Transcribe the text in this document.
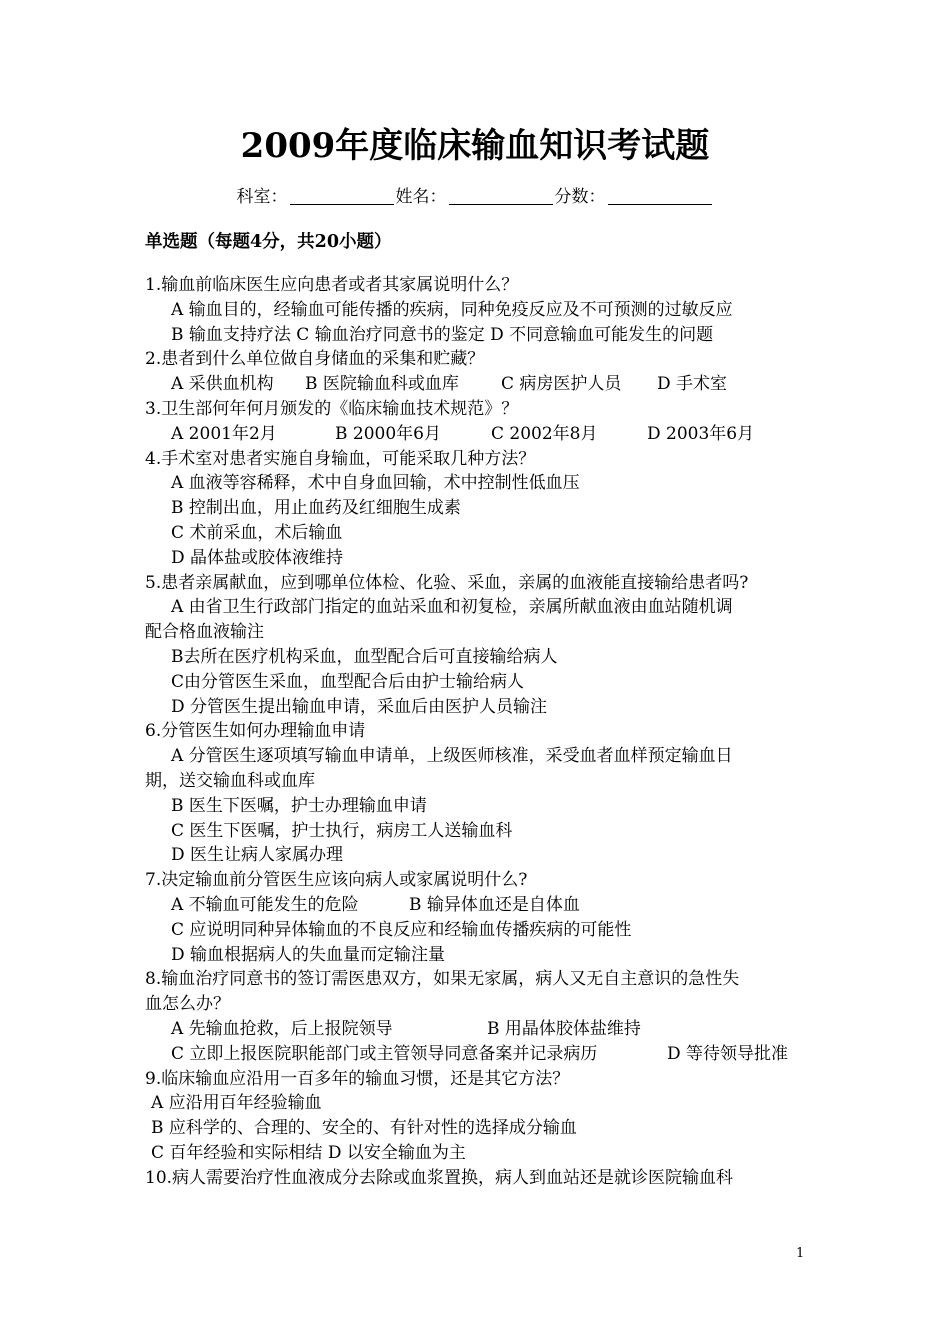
2009年度临床输血知识考试题
科室：	姓名：	分数：
单选题（每题4分，共20小题）
1.输血前临床医生应向患者或者其家属说明什么？
A 输血目的，经输血可能传播的疾病，同种免疫反应及不可预测的过敏反应
B 输血支持疗法 C 输血治疗同意书的鉴定 D 不同意输血可能发生的问题
2.患者到什么单位做自身储血的采集和贮藏？
A 采供血机构 B 医院输血科或血库 C 病房医护人员 D 手术室
3.卫生部何年何月颁发的《临床输血技术规范》？
A 2001年2月	B 2000年6月	C 2002年8月	D 2003年6月
4.手术室对患者实施自身输血，可能采取几种方法？
A 血液等容稀释，术中自身血回输，术中控制性低血压
B 控制出血，用止血药及红细胞生成素
C 术前采血，术后输血
D 晶体盐或胶体液维持
5.患者亲属献血，应到哪单位体检、化验、采血，亲属的血液能直接输给患者吗?
A 由省卫生行政部门指定的血站采血和初复检，亲属所献血液由血站随机调
配合格血液输注
B去所在医疗机构采血，血型配合后可直接输给病人
C由分管医生采血，血型配合后由护士输给病人
D 分管医生提出输血申请，采血后由医护人员输注
6.分管医生如何办理输血申请
A 分管医生逐项填写输血申请单，上级医师核准，采受血者血样预定输血日
期，送交输血科或血库
B 医生下医嘱，护士办理输血申请
C 医生下医嘱，护士执行，病房工人送输血科
D 医生让病人家属办理
7.决定输血前分管医生应该向病人或家属说明什么?
A 不输血可能发生的危险	B 输异体血还是自体血
C 应说明同种异体输血的不良反应和经输血传播疾病的可能性
D 输血根据病人的失血量而定输注量
8.输血治疗同意书的签订需医患双方，如果无家属，病人又无自主意识的急性失
血怎么办？
A 先输血抢救，后上报院领导	B 用晶体胶体盐维持
C 立即上报医院职能部门或主管领导同意备案并记录病历	D 等待领导批准
9.临床输血应沿用一百多年的输血习惯，还是其它方法？
A 应沿用百年经验输血
B 应科学的、合理的、安全的、有针对性的选择成分输血
C 百年经验和实际相结 D 以安全输血为主
10.病人需要治疗性血液成分去除或血浆置换，病人到血站还是就诊医院输血科
1
